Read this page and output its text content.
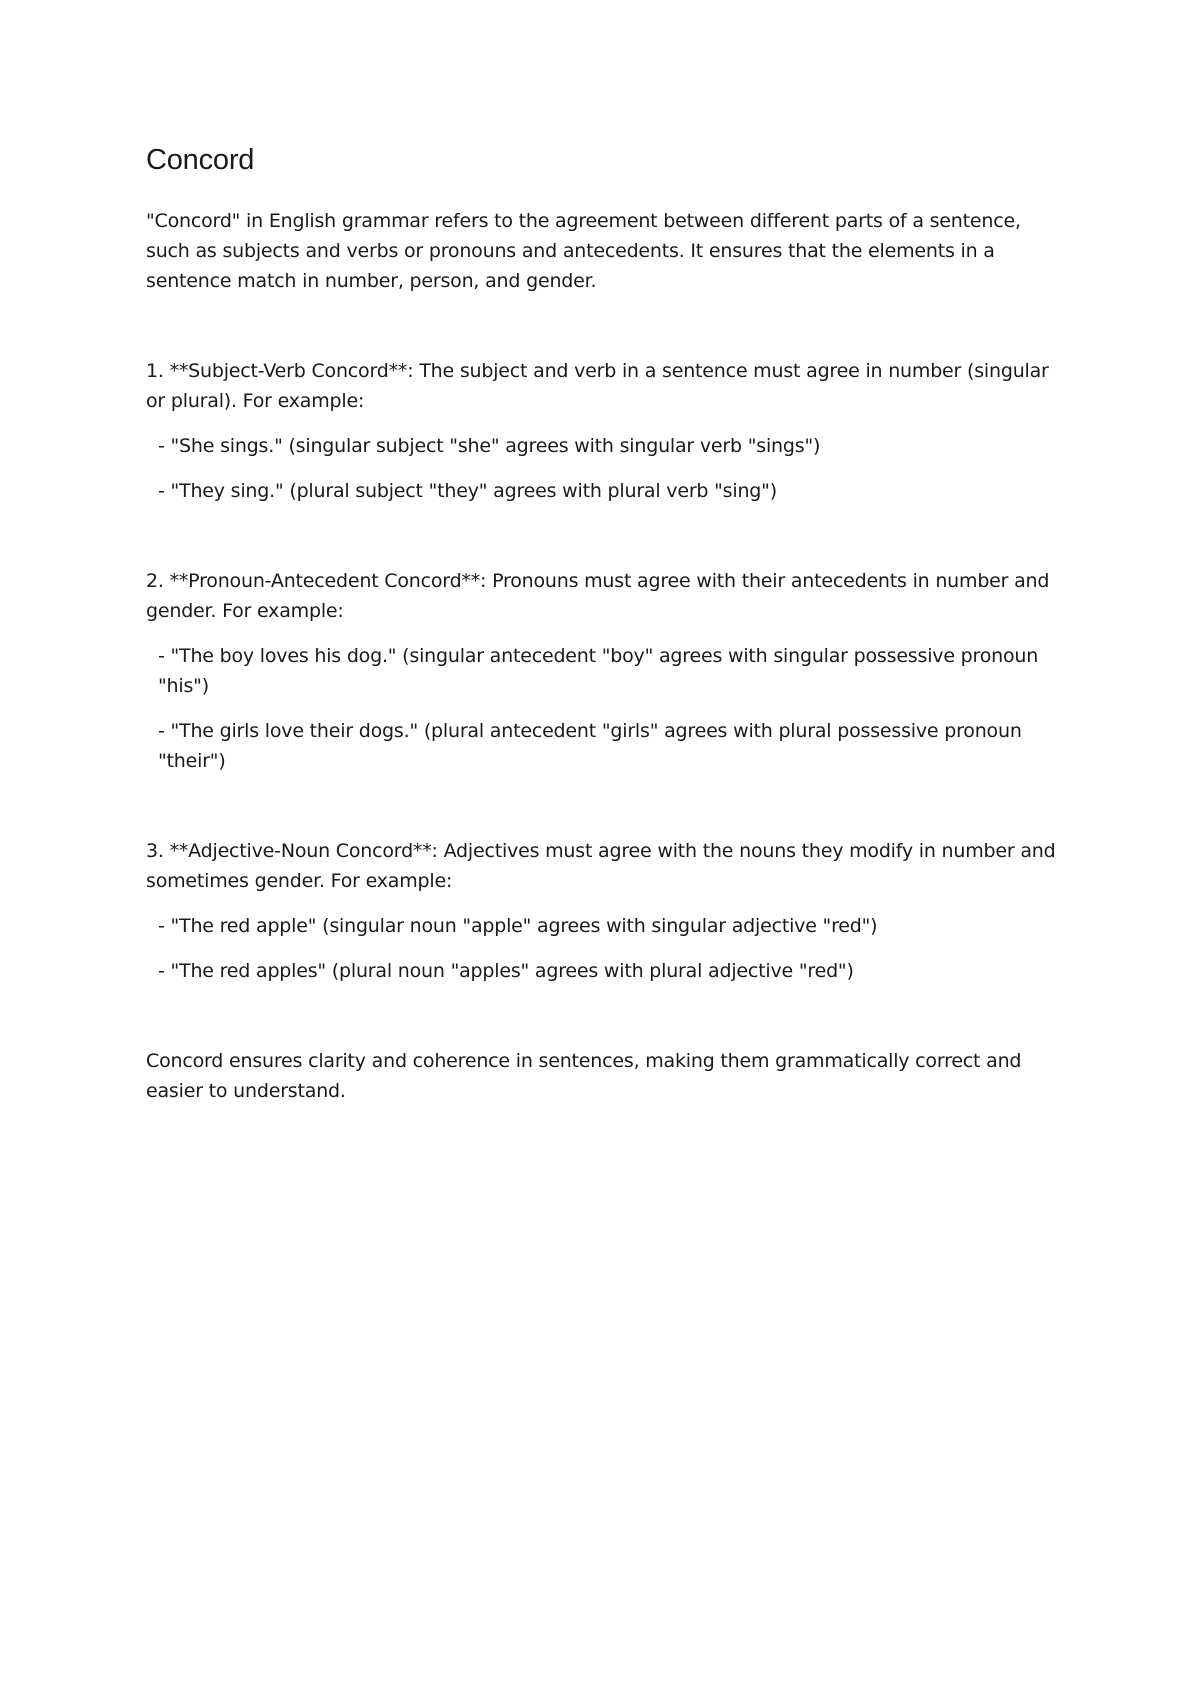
Concord

"Concord" in English grammar refers to the agreement between different parts of a sentence, such as subjects and verbs or pronouns and antecedents. It ensures that the elements in a sentence match in number, person, and gender.

1. **Subject-Verb Concord**: The subject and verb in a sentence must agree in number (singular or plural). For example:

- "She sings." (singular subject "she" agrees with singular verb "sings")

- "They sing." (plural subject "they" agrees with plural verb "sing")

2. **Pronoun-Antecedent Concord**: Pronouns must agree with their antecedents in number and gender. For example:

- "The boy loves his dog." (singular antecedent "boy" agrees with singular possessive pronoun "his")

- "The girls love their dogs." (plural antecedent "girls" agrees with plural possessive pronoun "their")

3. **Adjective-Noun Concord**: Adjectives must agree with the nouns they modify in number and sometimes gender. For example:

- "The red apple" (singular noun "apple" agrees with singular adjective "red")

- "The red apples" (plural noun "apples" agrees with plural adjective "red")

Concord ensures clarity and coherence in sentences, making them grammatically correct and easier to understand.
